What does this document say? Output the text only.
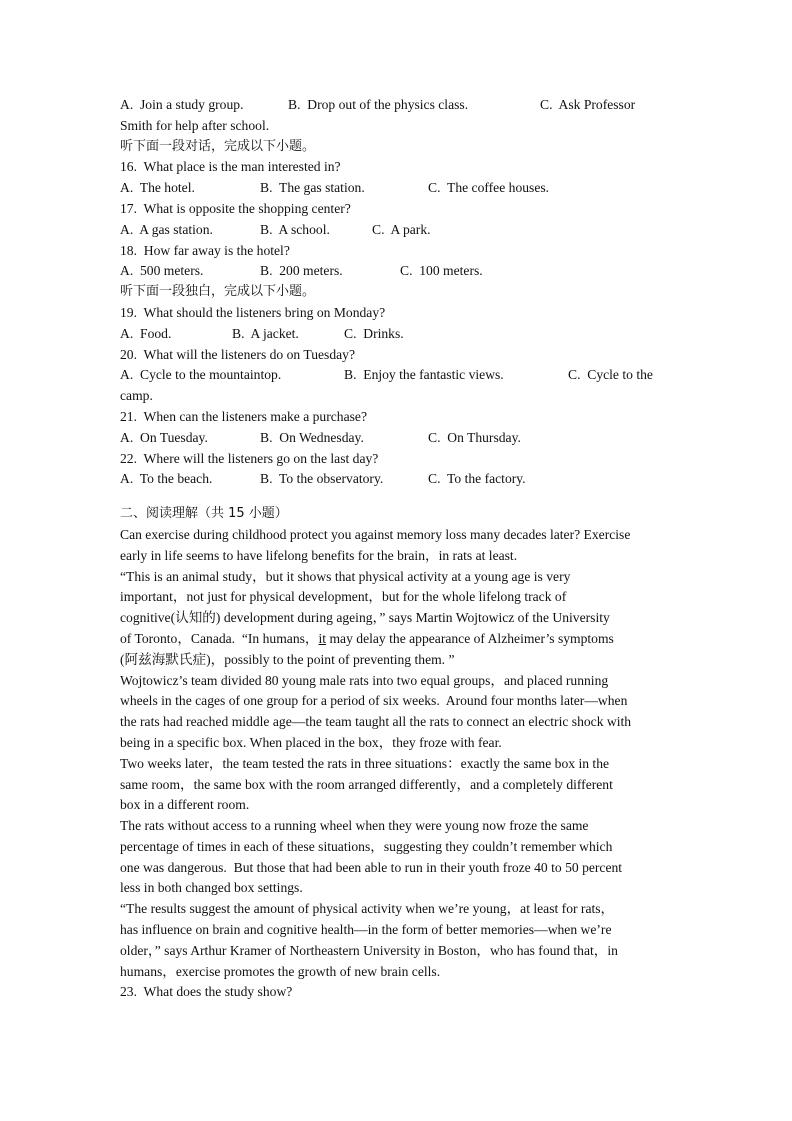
A.  Join a study group.	B.  Drop out of the physics class.	C.  Ask Professor
Smith for help after school.
听下面一段对话，完成以下小题。
16.  What place is the man interested in?
A.  The hotel.	B.  The gas station.	C.  The coffee houses.
17.  What is opposite the shopping center?
A.  A gas station.	B.  A school.	C.  A park.
18.  How far away is the hotel?
A.  500 meters.	B.  200 meters.	C.  100 meters.
听下面一段独白，完成以下小题。
19.  What should the listeners bring on Monday?
A.  Food.	B.  A jacket.	C.  Drinks.
20.  What will the listeners do on Tuesday?
A.  Cycle to the mountaintop.	B.  Enjoy the fantastic views.	C.  Cycle to the
camp.
21.  When can the listeners make a purchase?
A.  On Tuesday.	B.  On Wednesday.	C.  On Thursday.
22.  Where will the listeners go on the last day?
A.  To the beach.	B.  To the observatory.	C.  To the factory.
二、阅读理解（共 15 小题）
Can exercise during childhood protect you against memory loss many decades later? Exercise
early in life seems to have lifelong benefits for the brain，in rats at least.
“This is an animal study，but it shows that physical activity at a young age is very
important，not just for physical development，but for the whole lifelong track of
cognitive(认知的) development during ageing，” says Martin Wojtowicz of the University
of Toronto，Canada.  “In humans，it may delay the appearance of Alzheimer’s symptoms
(阿兹海默氏症)，possibly to the point of preventing them. ”
Wojtowicz’s team divided 80 young male rats into two equal groups，and placed running
wheels in the cages of one group for a period of six weeks.  Around four months later—when
the rats had reached middle age—the team taught all the rats to connect an electric shock with
being in a specific box. When placed in the box，they froze with fear.
Two weeks later，the team tested the rats in three situations：exactly the same box in the
same room，the same box with the room arranged differently，and a completely different
box in a different room.
The rats without access to a running wheel when they were young now froze the same
percentage of times in each of these situations，suggesting they couldn’t remember which
one was dangerous.  But those that had been able to run in their youth froze 40 to 50 percent
less in both changed box settings.
“The results suggest the amount of physical activity when we’re young，at least for rats，
has influence on brain and cognitive health—in the form of better memories—when we’re
older，” says Arthur Kramer of Northeastern University in Boston，who has found that，in
humans，exercise promotes the growth of new brain cells.
23.  What does the study show?
